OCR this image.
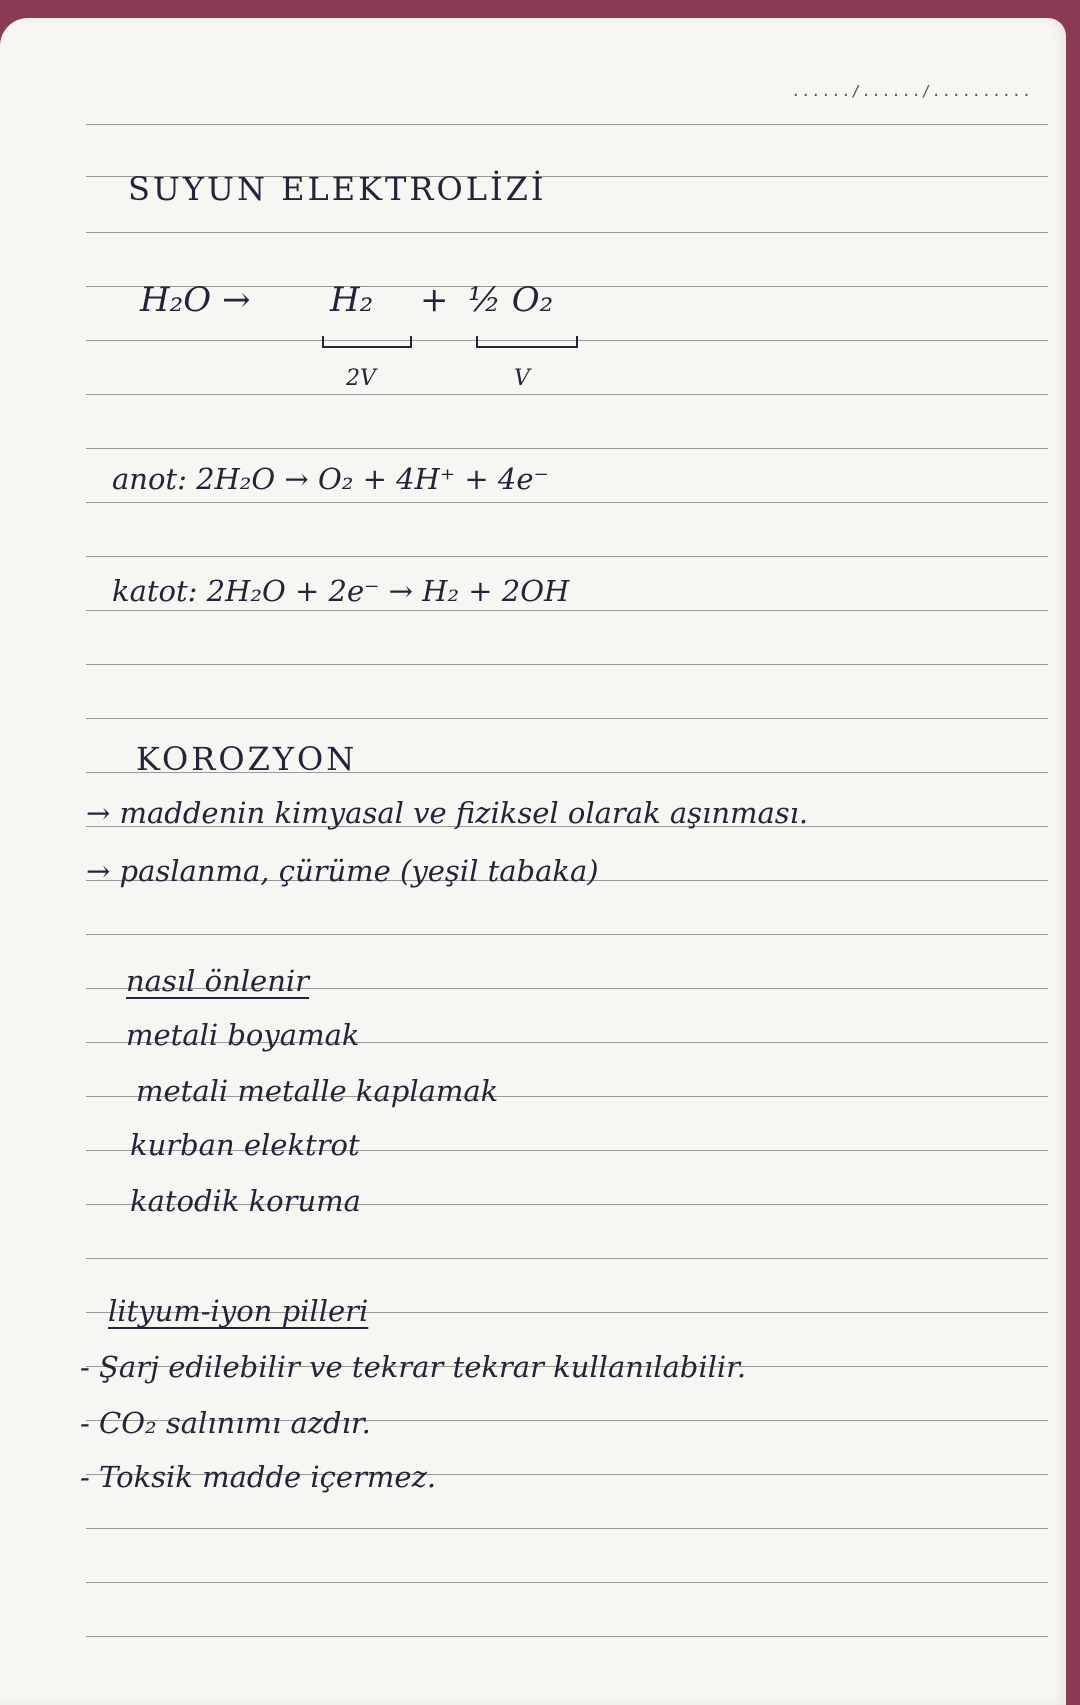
....../....../..........
SUYUN ELEKTROLİZİ
H₂O → H₂ + ½ O₂
2V	V
anot: 2H₂O → O₂ + 4H⁺ + 4e⁻
katot: 2H₂O + 2e⁻ → H₂ + 2OH
KOROZYON
→ maddenin kimyasal ve fiziksel olarak aşınması.
→ paslanma, çürüme (yeşil tabaka)
nasıl önlenir
metali boyamak
metali metalle kaplamak
kurban elektrot
katodik koruma
lityum-iyon pilleri
- Şarj edilebilir ve tekrar tekrar kullanılabilir.
- CO₂ salınımı azdır.
- Toksik madde içermez.
